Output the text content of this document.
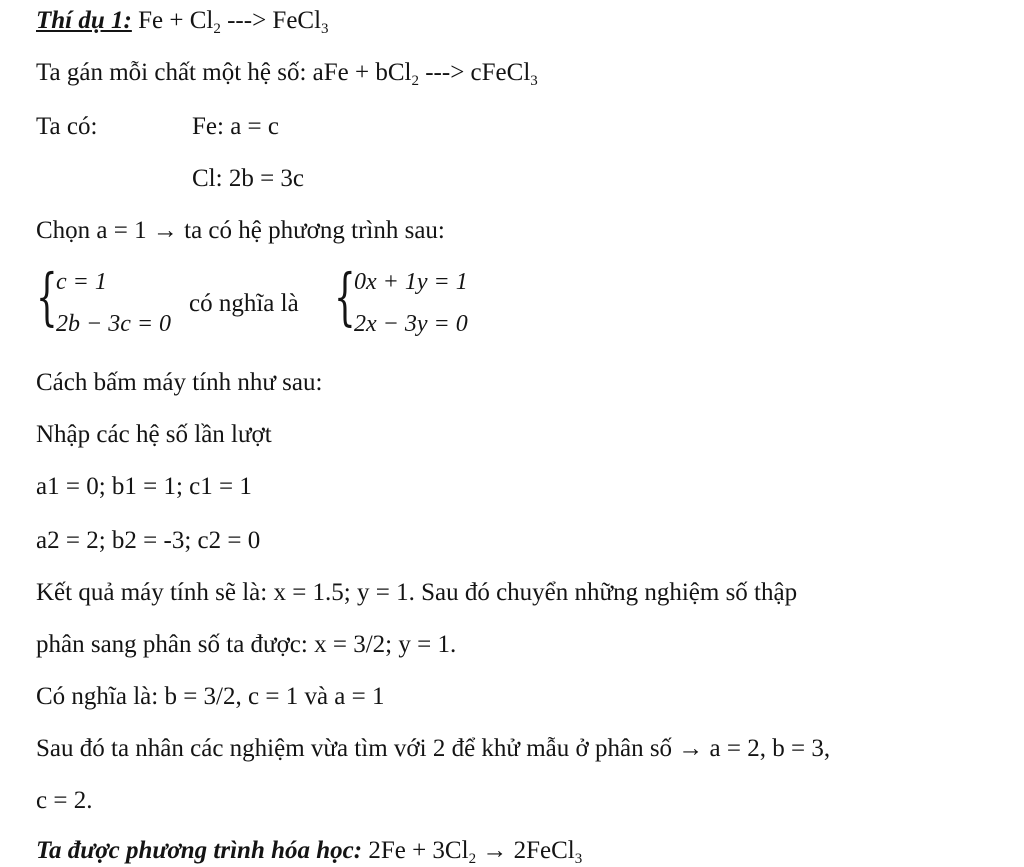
Thí dụ 1: $Fe + Cl_2$ ---> FeCl$_3$
Ta gán mỗi chất một hệ số: aFe + bCl$_2$ ---> cFeCl$_3$
Ta có:	Fe: a = c
Cl: 2b = 3c
Chọn a = 1 → ta có hệ phương trình sau:
{
c = 1
2b − 3c = 0
có nghĩa là {
0x + 1y = 1
2x − 3y = 0
Cách bấm máy tính như sau:
Nhập các hệ số lần lượt
a1 = 0; b1 = 1; c1 = 1
a2 = 2; b2 = -3; c2 = 0
Kết quả máy tính sẽ là: x = 1.5; y = 1. Sau đó chuyển những nghiệm số thập
phân sang phân số ta được: x = 3/2; y = 1.
Có nghĩa là: b = 3/2, c = 1 và a = 1
Sau đó ta nhân các nghiệm vừa tìm với 2 để khử mẫu ở phân số → a = 2, b = 3,
c = 2.
Ta được phương trình hóa học: $2Fe + 3Cl_2$ → 2FeCl$_3$
